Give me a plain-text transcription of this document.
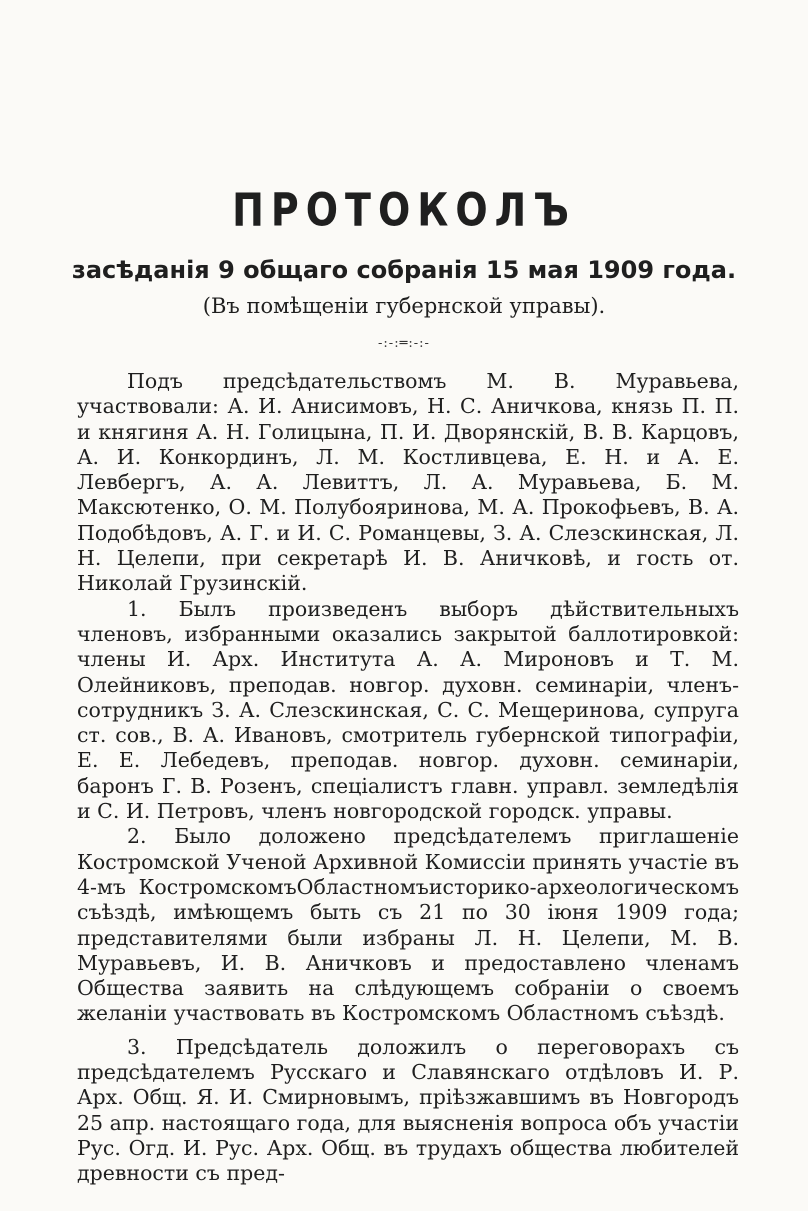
ПРОТОКОЛЪ
засѣданія 9 общаго собранія 15 мая 1909 года.
(Въ помѣщеніи губернской управы).
-:-:═:-:-

Подъ предсѣдательствомъ М. В. Муравьева, участвовали: А. И. Анисимовъ, Н. С. Аничкова, князь П. П. и княгиня А. Н. Голицына, П. И. Дворянскій, В. В. Карцовъ, А. И. Конкординъ, Л. М. Костливцева, Е. Н. и А. Е. Левбергъ, А. А. Левиттъ, Л. А. Муравьева, Б. М. Максютенко, О. М. Полубояринова, М. А. Прокофьевъ, В. А. Подобѣдовъ, А. Г. и И. С. Романцевы, З. А. Слезскинская, Л. Н. Целепи, при секретарѣ И. В. Аничковѣ, и гость от. Николай Грузинскій.

1. Былъ произведенъ выборъ дѣйствительныхъ членовъ, избранными оказались закрытой баллотировкой: члены И. Арх. Института А. А. Мироновъ и Т. М. Олейниковъ, преподав. новгор. духовн. семинаріи, членъ-сотрудникъ З. А. Слезскинская, С. С. Мещеринова, супруга ст. сов., В. А. Ивановъ, смотритель губернской типографіи, Е. Е. Лебедевъ, преподав. новгор. духовн. семинаріи, баронъ Г. В. Розенъ, спеціалистъ главн. управл. земледѣлія и С. И. Петровъ, членъ новгородской городск. управы.

2. Было доложено предсѣдателемъ приглашеніе Костромской Ученой Архивной Комиссіи принять участіе въ 4-мъ КостромскомъОбластномъисторико-археологическомъ съѣздѣ, имѣющемъ быть съ 21 по 30 іюня 1909 года; представителями были избраны Л. Н. Целепи, М. В. Муравьевъ, И. В. Аничковъ и предоставлено членамъ Общества заявить на слѣдующемъ собраніи о своемъ желаніи участвовать въ Костромскомъ Областномъ съѣздѣ.

3. Предсѣдатель доложилъ о переговорахъ съ предсѣдателемъ Русскаго и Славянскаго отдѣловъ И. Р. Арх. Общ. Я. И. Смирновымъ, пріѣзжавшимъ въ Новгородъ 25 апр. настоящаго года, для выясненія вопроса объ участіи Рус. Огд. И. Рус. Арх. Общ. въ трудахъ общества любителей древности съ пред-
